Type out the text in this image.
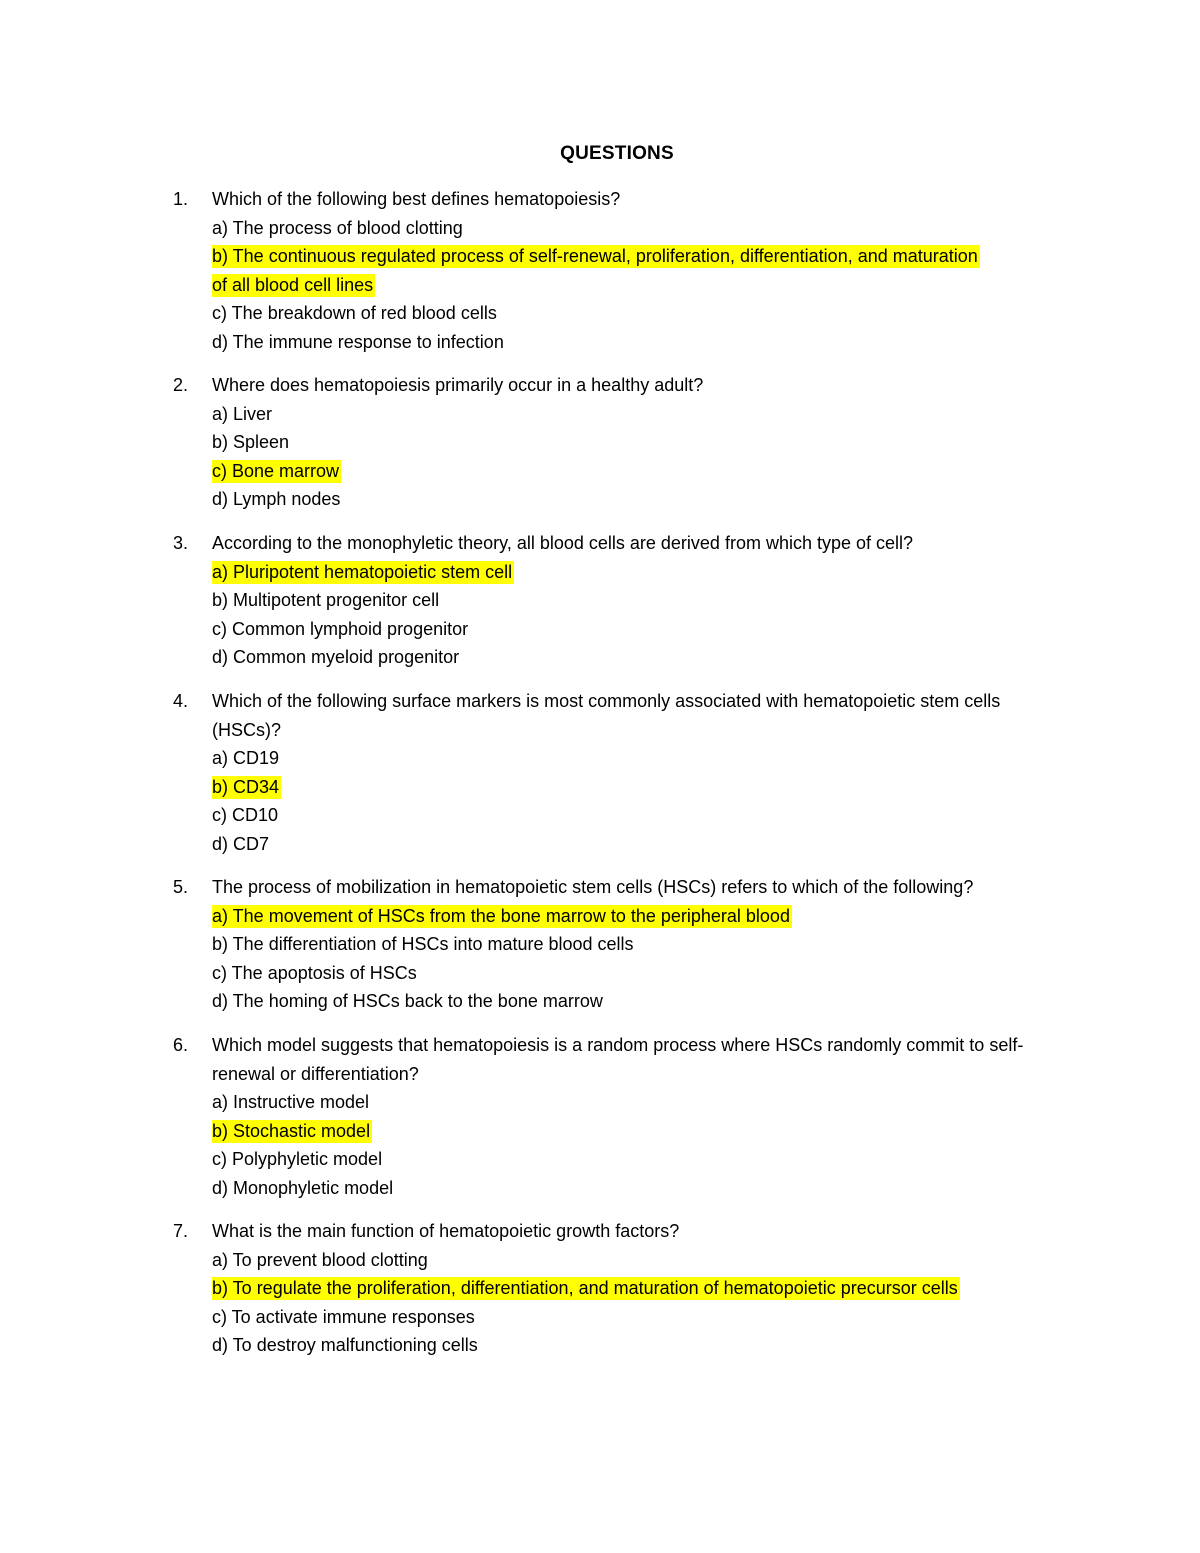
QUESTIONS
1.	Which of the following best defines hematopoiesis?
a) The process of blood clotting
b) The continuous regulated process of self-renewal, proliferation, differentiation, and maturation of all blood cell lines
c) The breakdown of red blood cells
d) The immune response to infection
2.	Where does hematopoiesis primarily occur in a healthy adult?
a) Liver
b) Spleen
c) Bone marrow
d) Lymph nodes
3.	According to the monophyletic theory, all blood cells are derived from which type of cell?
a) Pluripotent hematopoietic stem cell
b) Multipotent progenitor cell
c) Common lymphoid progenitor
d) Common myeloid progenitor
4.	Which of the following surface markers is most commonly associated with hematopoietic stem cells (HSCs)?
a) CD19
b) CD34
c) CD10
d) CD7
5.	The process of mobilization in hematopoietic stem cells (HSCs) refers to which of the following?
a) The movement of HSCs from the bone marrow to the peripheral blood
b) The differentiation of HSCs into mature blood cells
c) The apoptosis of HSCs
d) The homing of HSCs back to the bone marrow
6.	Which model suggests that hematopoiesis is a random process where HSCs randomly commit to self-renewal or differentiation?
a) Instructive model
b) Stochastic model
c) Polyphyletic model
d) Monophyletic model
7.	What is the main function of hematopoietic growth factors?
a) To prevent blood clotting
b) To regulate the proliferation, differentiation, and maturation of hematopoietic precursor cells
c) To activate immune responses
d) To destroy malfunctioning cells
